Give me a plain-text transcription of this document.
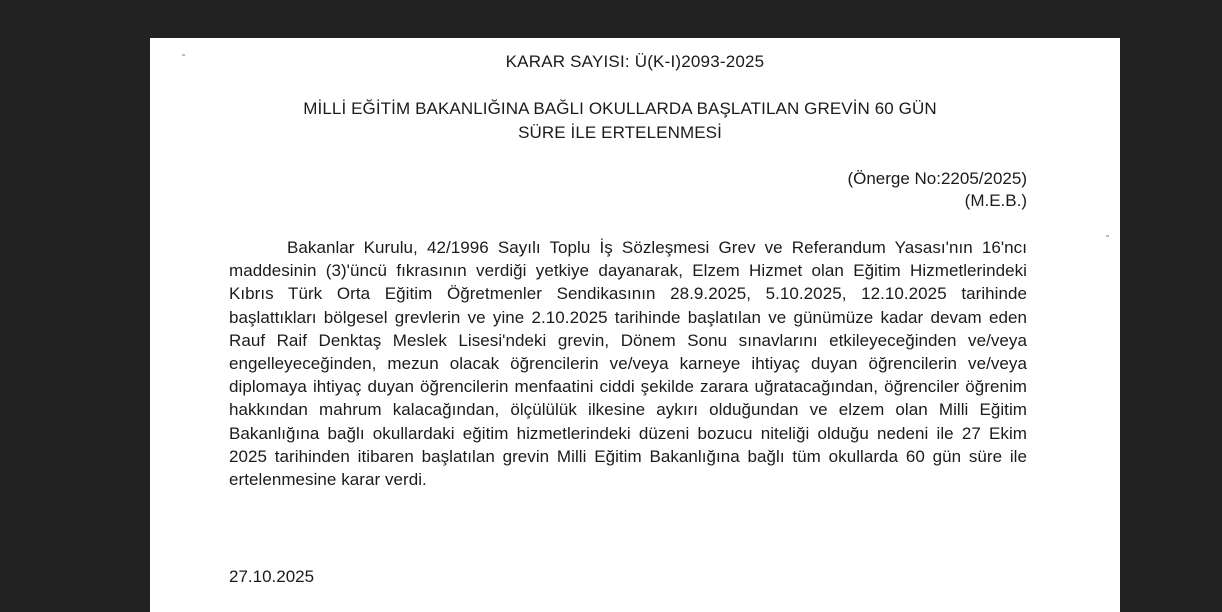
KARAR SAYISI: Ü(K-I)2093-2025
MİLLİ EĞİTİM BAKANLIĞINA BAĞLI OKULLARDA BAŞLATILAN GREVİN 60 GÜN
SÜRE İLE ERTELENMESİ
(Önerge No:2205/2025)
(M.E.B.)

Bakanlar Kurulu, 42/1996 Sayılı Toplu İş Sözleşmesi Grev ve Referandum Yasası'nın 16'ncı maddesinin (3)'üncü fıkrasının verdiği yetkiye dayanarak, Elzem Hizmet olan Eğitim Hizmetlerindeki Kıbrıs Türk Orta Eğitim Öğretmenler Sendikasının 28.9.2025, 5.10.2025, 12.10.2025 tarihinde başlattıkları bölgesel grevlerin ve yine 2.10.2025 tarihinde başlatılan ve günümüze kadar devam eden Rauf Raif Denktaş Meslek Lisesi'ndeki grevin, Dönem Sonu sınavlarını etkileyeceğinden ve/veya engelleyeceğinden, mezun olacak öğrencilerin ve/veya karneye ihtiyaç duyan öğrencilerin ve/veya diplomaya ihtiyaç duyan öğrencilerin menfaatini ciddi şekilde zarara uğratacağından, öğrenciler öğrenim hakkından mahrum kalacağından, ölçülülük ilkesine aykırı olduğundan ve elzem olan Milli Eğitim Bakanlığına bağlı okullardaki eğitim hizmetlerindeki düzeni bozucu niteliği olduğu nedeni ile 27 Ekim 2025 tarihinden itibaren başlatılan grevin Milli Eğitim Bakanlığına bağlı tüm okullarda 60 gün süre ile ertelenmesine karar verdi.

27.10.2025
